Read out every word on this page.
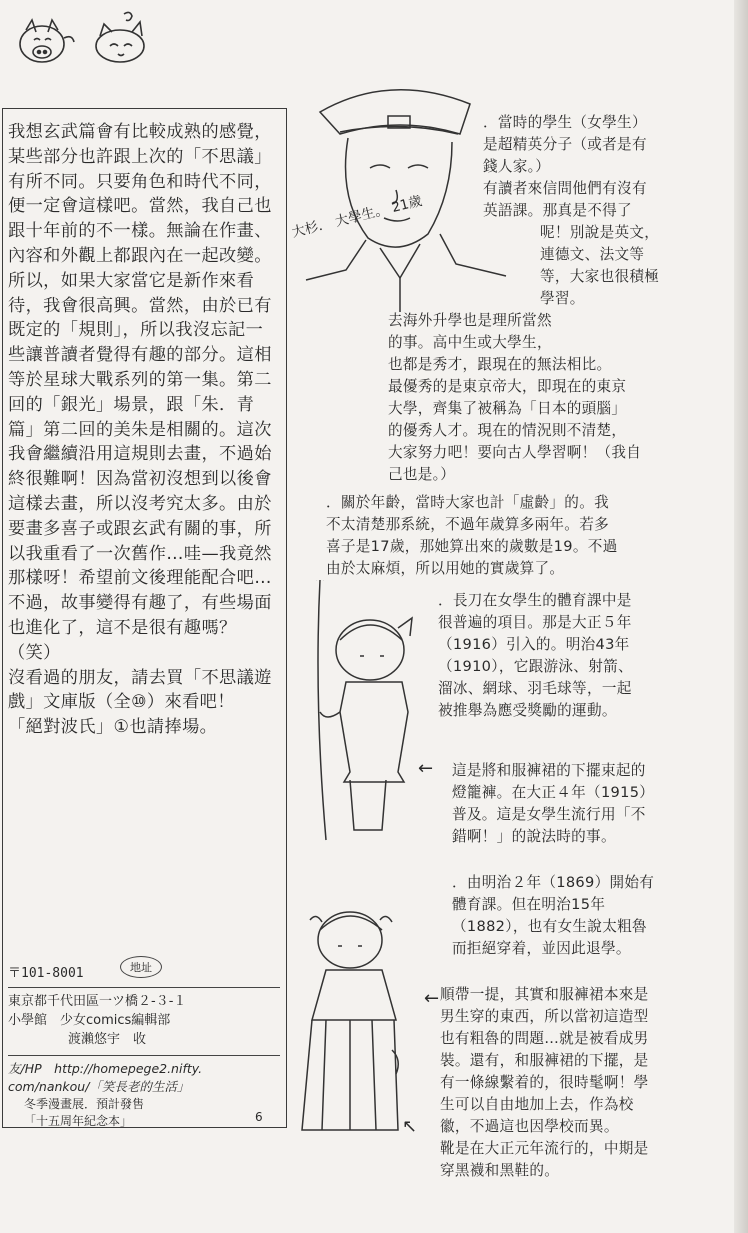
我想玄武篇會有比較成熟的感覺，某些部分也許跟上次的「不思議」有所不同。只要角色和時代不同，便一定會這樣吧。當然，我自己也跟十年前的不一樣。無論在作畫、內容和外觀上都跟內在一起改變。所以，如果大家當它是新作來看待，我會很高興。當然，由於已有既定的「規則」，所以我沒忘記一些讓普讀者覺得有趣的部分。這相等於星球大戰系列的第一集。第二回的「銀光」場景，跟「朱．青篇」第二回的美朱是相關的。這次我會繼續沿用這規則去畫，不過始終很難啊！因為當初沒想到以後會這樣去畫，所以沒考究太多。由於要畫多喜子或跟玄武有關的事，所以我重看了一次舊作…哇—我竟然那樣呀！希望前文後理能配合吧…不過，故事變得有趣了，有些場面也進化了，這不是很有趣嗎？（笑）
沒看過的朋友，請去買「不思議遊戲」文庫版（全⑩）來看吧！
「絕對波氏」①也請捧場。
〒101-8001	地址
東京都千代田區一ツ橋２-３-１
小學館　少女comics編輯部
渡瀨悠宇　收
友/HP　http://homepege2.nifty.
com/nankou/「笑長老的生活」
冬季漫畫展．預計發售
「十五周年紀念本」	6
大杉． 大學生。 21歲
．當時的學生（女學生）
是超精英分子（或者是有
錢人家。）
有讀者來信問他們有沒有
英語課。那真是不得了
呢！別說是英文，
連德文、法文等
等，大家也很積極
學習。
去海外升學也是理所當然
的事。高中生或大學生，
也都是秀才，跟現在的無法相比。
最優秀的是東京帝大，即現在的東京
大學，齊集了被稱為「日本的頭腦」
的優秀人才。現在的情況則不清楚，
大家努力吧！要向古人學習啊！（我自
己也是。）
．關於年齡，當時大家也計「虛齡」的。我
不太清楚那系統，不過年歲算多兩年。若多
喜子是17歲，那她算出來的歲數是19。不過
由於太麻煩，所以用她的實歲算了。
．長刀在女學生的體育課中是
很普遍的項目。那是大正５年
（1916）引入的。明治43年
（1910），它跟游泳、射箭、
溜冰、網球、羽毛球等，一起
被推舉為應受獎勵的運動。
← 這是將和服褲裙的下擺束起的
燈籠褲。在大正４年（1915）
普及。這是女學生流行用「不
錯啊！」的說法時的事。
．由明治２年（1869）開始有
體育課。但在明治15年
（1882），也有女生說太粗魯
而拒絕穿着，並因此退學。
←
↖
順帶一提，其實和服褲裙本來是
男生穿的東西，所以當初這造型
也有粗魯的問題…就是被看成男
裝。還有，和服褲裙的下擺，是
有一條線繫着的，很時髦啊！學
生可以自由地加上去，作為校
徽，不過這也因學校而異。
靴是在大正元年流行的，中期是
穿黑襪和黑鞋的。
